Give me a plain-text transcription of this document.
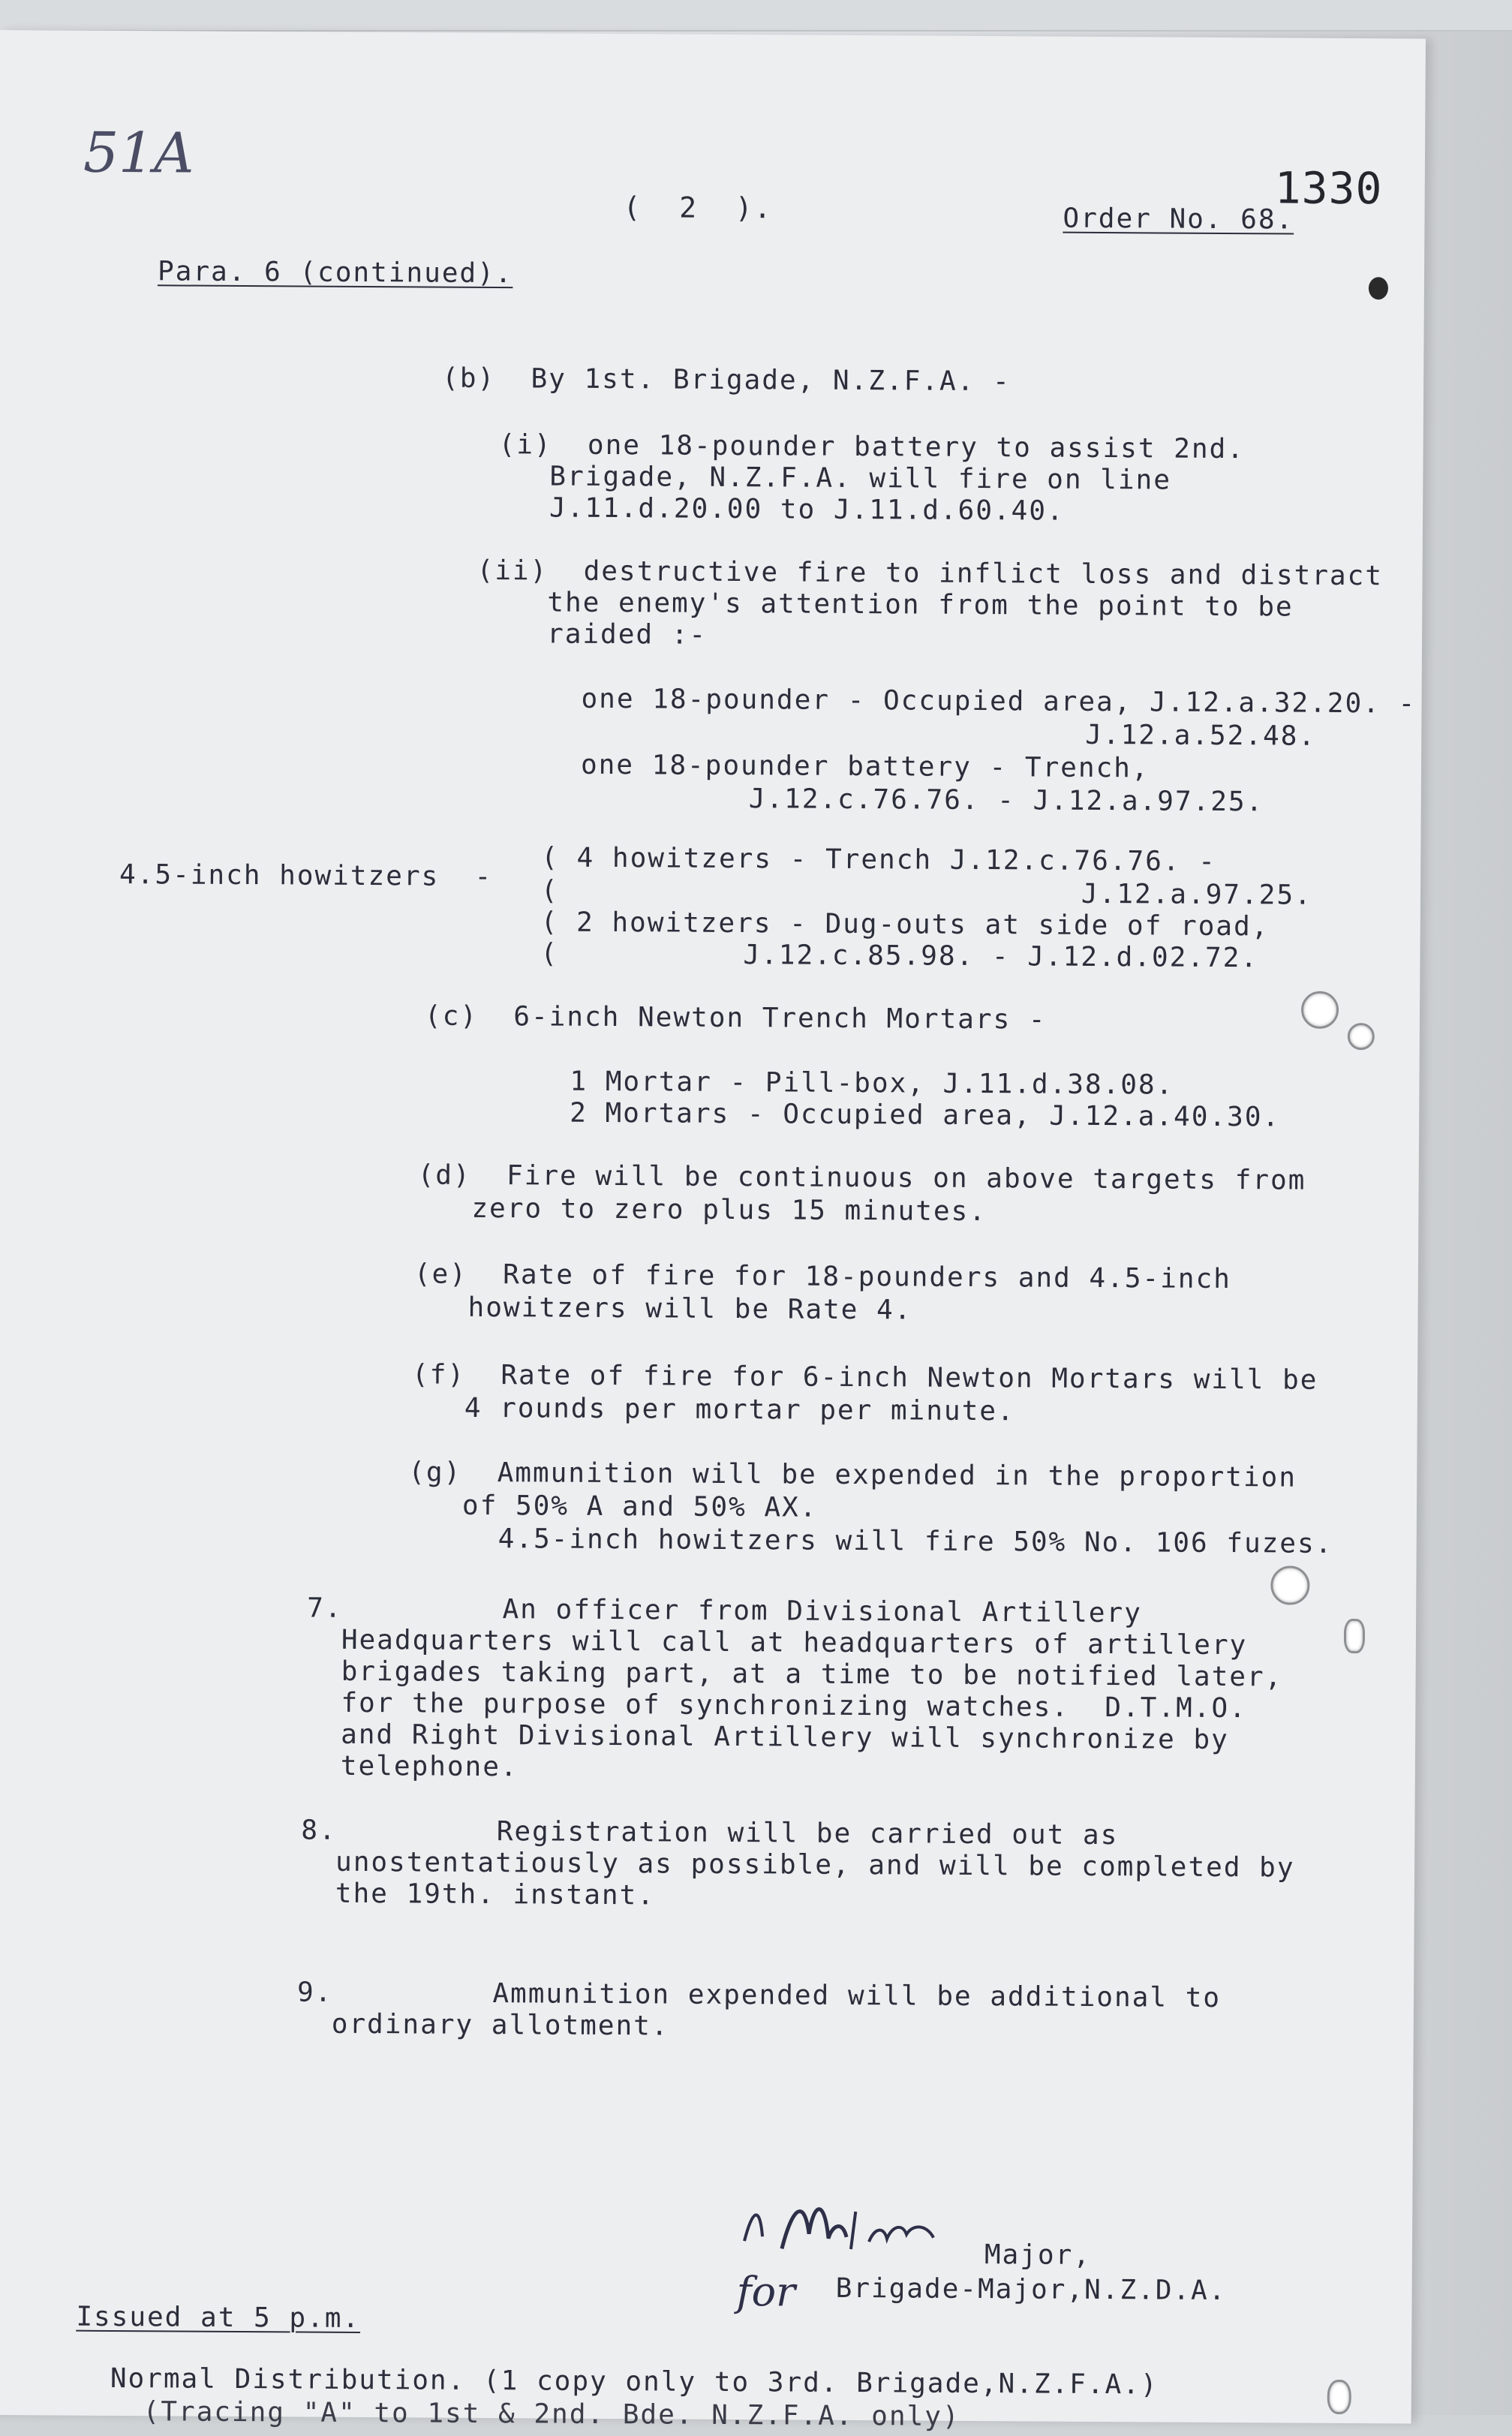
51A
(  2  ).	Order No. 68.
1330
Para. 6 (continued).
(b)  By 1st. Brigade, N.Z.F.A. -
(i)  one 18-pounder battery to assist 2nd.
Brigade, N.Z.F.A. will fire on line
J.11.d.20.00 to J.11.d.60.40.
(ii)  destructive fire to inflict loss and distract
the enemy's attention from the point to be
raided :-
one 18-pounder - Occupied area, J.12.a.32.20. -
J.12.a.52.48.
one 18-pounder battery - Trench,
J.12.c.76.76. - J.12.a.97.25.
4.5-inch howitzers  - ( 4 howitzers - Trench J.12.c.76.76. -
(	J.12.a.97.25.
( 2 howitzers - Dug-outs at side of road,
(	J.12.c.85.98. - J.12.d.02.72.
(c)  6-inch Newton Trench Mortars -
1 Mortar - Pill-box, J.11.d.38.08.
2 Mortars - Occupied area, J.12.a.40.30.
(d)  Fire will be continuous on above targets from
zero to zero plus 15 minutes.
(e)  Rate of fire for 18-pounders and 4.5-inch
howitzers will be Rate 4.
(f)  Rate of fire for 6-inch Newton Mortars will be
4 rounds per mortar per minute.
(g)  Ammunition will be expended in the proportion
of 50% A and 50% AX.
4.5-inch howitzers will fire 50% No. 106 fuzes.
7.         An officer from Divisional Artillery
Headquarters will call at headquarters of artillery
brigades taking part, at a time to be notified later,
for the purpose of synchronizing watches.  D.T.M.O.
and Right Divisional Artillery will synchronize by
telephone.
8.         Registration will be carried out as
unostentatiously as possible, and will be completed by
the 19th. instant.
9.         Ammunition expended will be additional to
ordinary allotment.
Major,
for Brigade-Major,N.Z.D.A.
Issued at 5 p.m.
Normal Distribution. (1 copy only to 3rd. Brigade,N.Z.F.A.)
(Tracing "A" to 1st & 2nd. Bde. N.Z.F.A. only)
